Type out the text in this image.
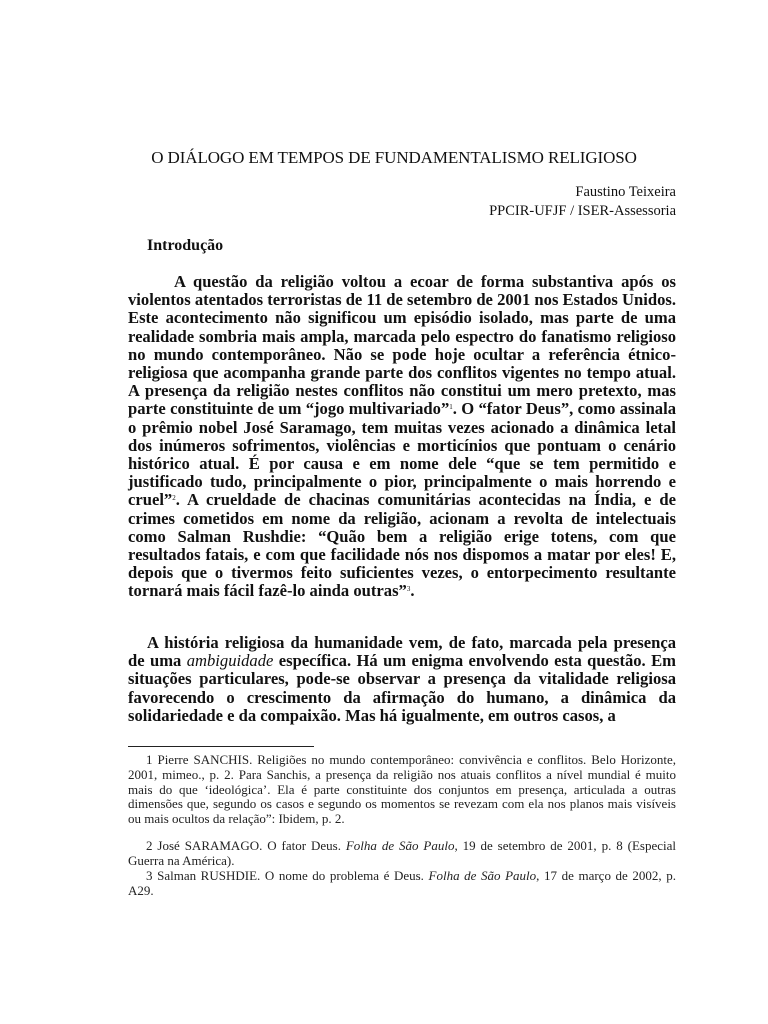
O DIÁLOGO EM TEMPOS DE FUNDAMENTALISMO RELIGIOSO

Faustino Teixeira

PPCIR-UFJF / ISER-Assessoria

Introdução

A questão da religião voltou a ecoar de forma substantiva após os violentos atentados terroristas de 11 de setembro de 2001 nos Estados Unidos. Este acontecimento não significou um episódio isolado, mas parte de uma realidade sombria mais ampla, marcada pelo espectro do fanatismo religioso no mundo contemporâneo. Não se pode hoje ocultar a referência étnico-religiosa que acompanha grande parte dos conflitos vigentes no tempo atual. A presença da religião nestes conflitos não constitui um mero pretexto, mas parte constituinte de um “jogo multivariado”$^1$. O “fator Deus”, como assinala o prêmio nobel José Saramago, tem muitas vezes acionado a dinâmica letal dos inúmeros sofrimentos, violências e morticínios que pontuam o cenário histórico atual. É por causa e em nome dele “que se tem permitido e justificado tudo, principalmente o pior, principalmente o mais horrendo e cruel”$^2$. A crueldade de chacinas comunitárias acontecidas na Índia, e de crimes cometidos em nome da religião, acionam a revolta de intelectuais como Salman Rushdie: “Quão bem a religião erige totens, com que resultados fatais, e com que facilidade nós nos dispomos a matar por eles! E, depois que o tivermos feito suficientes vezes, o entorpecimento resultante tornará mais fácil fazê-lo ainda outras”$^3$.

A história religiosa da humanidade vem, de fato, marcada pela presença de uma ambiguidade específica. Há um enigma envolvendo esta questão. Em situações particulares, pode-se observar a presença da vitalidade religiosa favorecendo o crescimento da afirmação do humano, a dinâmica da solidariedade e da compaixão. Mas há igualmente, em outros casos, a

1 Pierre SANCHIS. Religiões no mundo contemporâneo: convivência e conflitos. Belo Horizonte, 2001, mimeo., p. 2. Para Sanchis, a presença da religião nos atuais conflitos a nível mundial é muito mais do que ‘ideológica’. Ela é parte constituinte dos conjuntos em presença, articulada a outras dimensões que, segundo os casos e segundo os momentos se revezam com ela nos planos mais visíveis ou mais ocultos da relação”: Ibidem, p. 2.

2 José SARAMAGO. O fator Deus. Folha de São Paulo, 19 de setembro de 2001, p. 8 (Especial Guerra na América).

3 Salman RUSHDIE. O nome do problema é Deus. Folha de São Paulo, 17 de março de 2002, p. A29.
